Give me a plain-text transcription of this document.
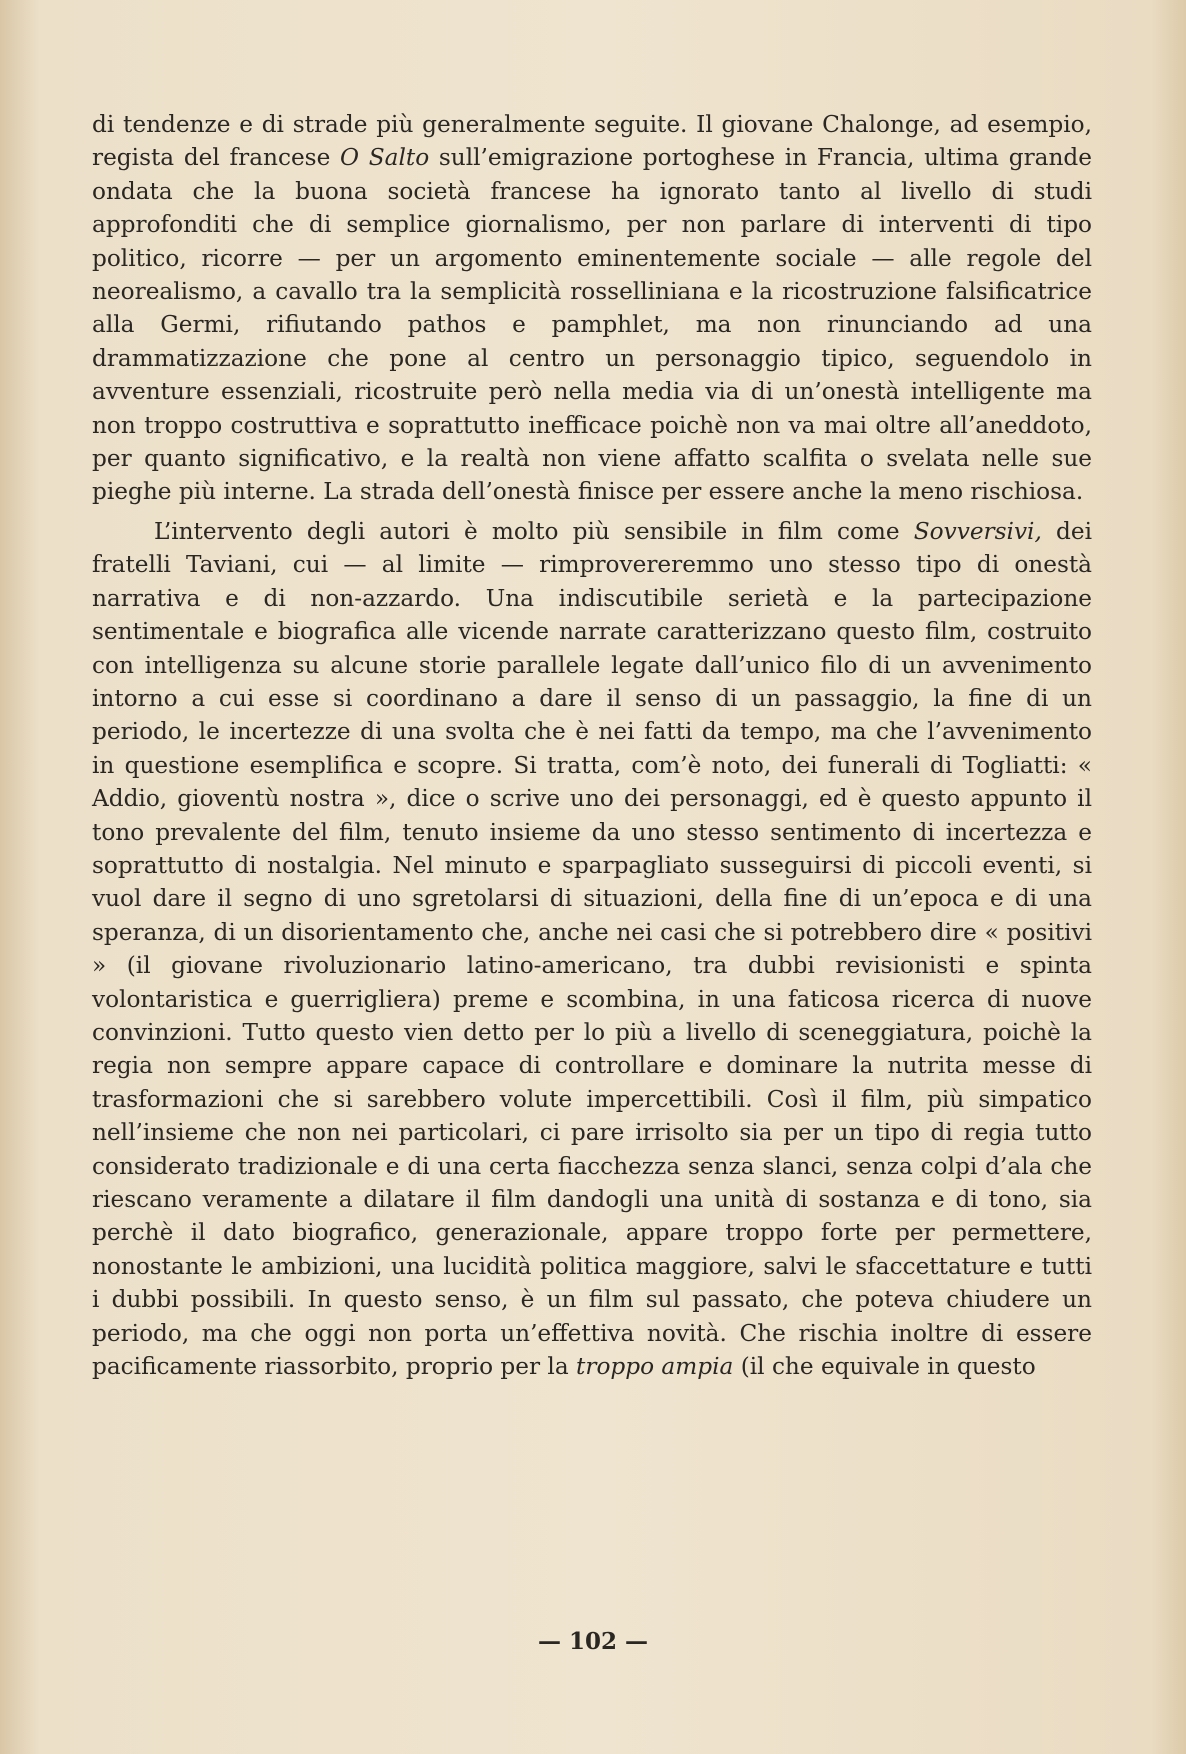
di tendenze e di strade più generalmente seguite. Il giovane Chalonge, ad esempio, regista del francese O Salto sull’emigrazione portoghese in Francia, ultima grande ondata che la buona società francese ha ignorato tanto al livello di studi approfonditi che di semplice giornalismo, per non parlare di interventi di tipo politico, ricorre — per un argomento eminentemente sociale — alle regole del neorealismo, a cavallo tra la semplicità rosselliniana e la ricostruzione falsificatrice alla Germi, rifiutando pathos e pamphlet, ma non rinunciando ad una drammatizzazione che pone al centro un personaggio tipico, seguendolo in avventure essenziali, ricostruite però nella media via di un’onestà intelligente ma non troppo costruttiva e soprattutto inefficace poichè non va mai oltre all’aneddoto, per quanto significativo, e la realtà non viene affatto scalfita o svelata nelle sue pieghe più interne. La strada dell’onestà finisce per essere anche la meno rischiosa.

L’intervento degli autori è molto più sensibile in film come Sovversivi, dei fratelli Taviani, cui — al limite — rimprovereremmo uno stesso tipo di onestà narrativa e di non-azzardo. Una indiscutibile serietà e la partecipazione sentimentale e biografica alle vicende narrate caratterizzano questo film, costruito con intelligenza su alcune storie parallele legate dall’unico filo di un avvenimento intorno a cui esse si coordinano a dare il senso di un passaggio, la fine di un periodo, le incertezze di una svolta che è nei fatti da tempo, ma che l’avvenimento in questione esemplifica e scopre. Si tratta, com’è noto, dei funerali di Togliatti: « Addio, gioventù nostra », dice o scrive uno dei personaggi, ed è questo appunto il tono prevalente del film, tenuto insieme da uno stesso sentimento di incertezza e soprattutto di nostalgia. Nel minuto e sparpagliato susseguirsi di piccoli eventi, si vuol dare il segno di uno sgretolarsi di situazioni, della fine di un’epoca e di una speranza, di un disorientamento che, anche nei casi che si potrebbero dire « positivi » (il giovane rivoluzionario latino-americano, tra dubbi revisionisti e spinta volontaristica e guerrigliera) preme e scombina, in una faticosa ricerca di nuove convinzioni. Tutto questo vien detto per lo più a livello di sceneggiatura, poichè la regia non sempre appare capace di controllare e dominare la nutrita messe di trasformazioni che si sarebbero volute impercettibili. Così il film, più simpatico nell’insieme che non nei particolari, ci pare irrisolto sia per un tipo di regia tutto considerato tradizionale e di una certa fiacchezza senza slanci, senza colpi d’ala che riescano veramente a dilatare il film dandogli una unità di sostanza e di tono, sia perchè il dato biografico, generazionale, appare troppo forte per permettere, nonostante le ambizioni, una lucidità politica maggiore, salvi le sfaccettature e tutti i dubbi possibili. In questo senso, è un film sul passato, che poteva chiudere un periodo, ma che oggi non porta un’effettiva novità. Che rischia inoltre di essere pacificamente riassorbito, proprio per la troppo ampia (il che equivale in questo

— 102 —
